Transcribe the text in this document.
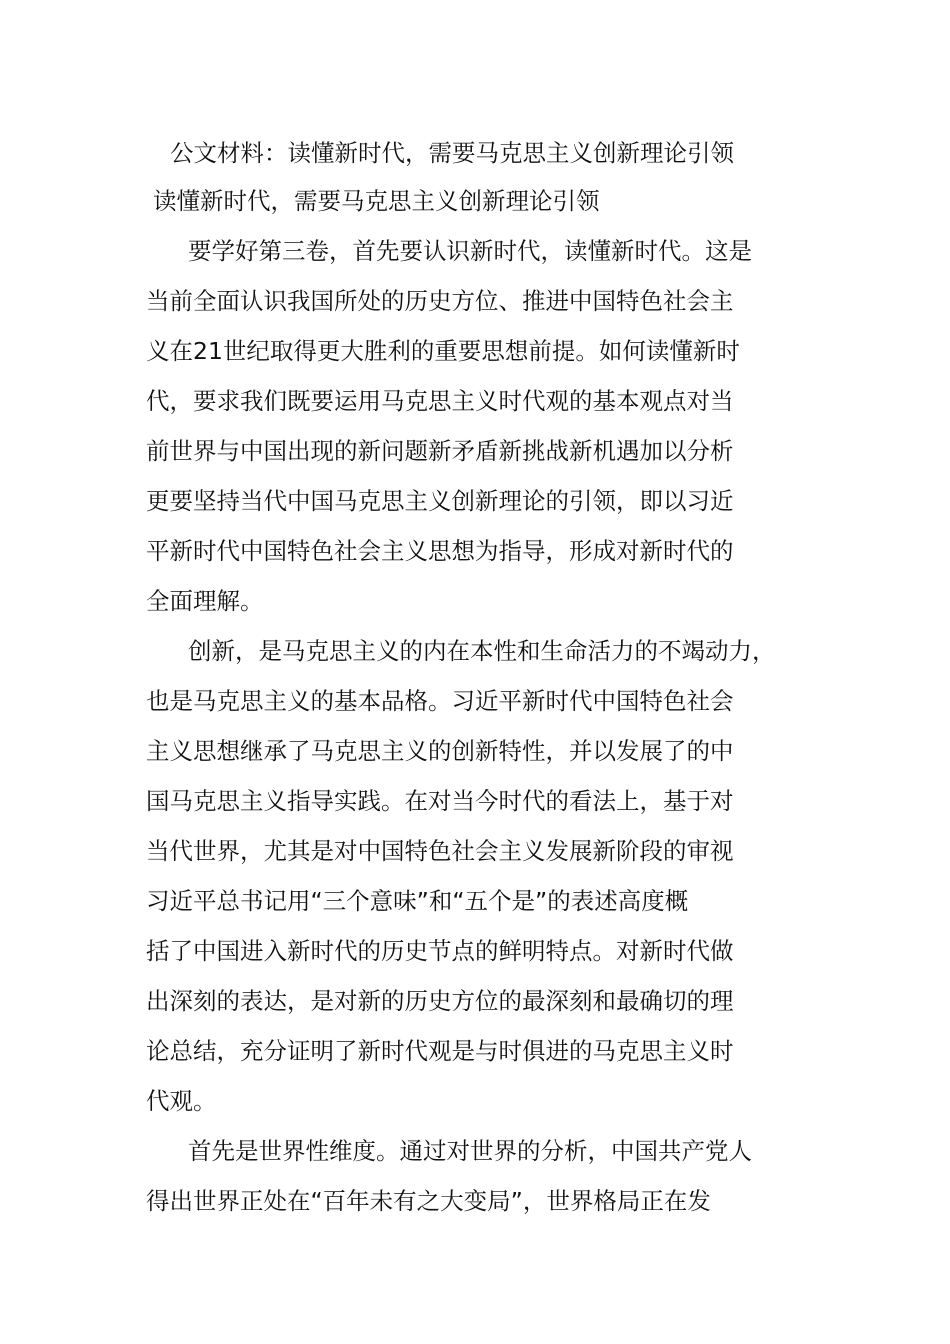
公文材料：读懂新时代，需要马克思主义创新理论引领
读懂新时代，需要马克思主义创新理论引领
要学好第三卷，首先要认识新时代，读懂新时代。这是
当前全面认识我国所处的历史方位、推进中国特色社会主
义在21世纪取得更大胜利的重要思想前提。如何读懂新时
代，要求我们既要运用马克思主义时代观的基本观点对当
前世界与中国出现的新问题新矛盾新挑战新机遇加以分析
更要坚持当代中国马克思主义创新理论的引领，即以习近
平新时代中国特色社会主义思想为指导，形成对新时代的
全面理解。
创新，是马克思主义的内在本性和生命活力的不竭动力，
也是马克思主义的基本品格。习近平新时代中国特色社会
主义思想继承了马克思主义的创新特性，并以发展了的中
国马克思主义指导实践。在对当今时代的看法上，基于对
当代世界，尤其是对中国特色社会主义发展新阶段的审视
习近平总书记用“三个意味”和“五个是”的表述高度概
括了中国进入新时代的历史节点的鲜明特点。对新时代做
出深刻的表达，是对新的历史方位的最深刻和最确切的理
论总结，充分证明了新时代观是与时俱进的马克思主义时
代观。
首先是世界性维度。通过对世界的分析，中国共产党人
得出世界正处在“百年未有之大变局”，世界格局正在发
